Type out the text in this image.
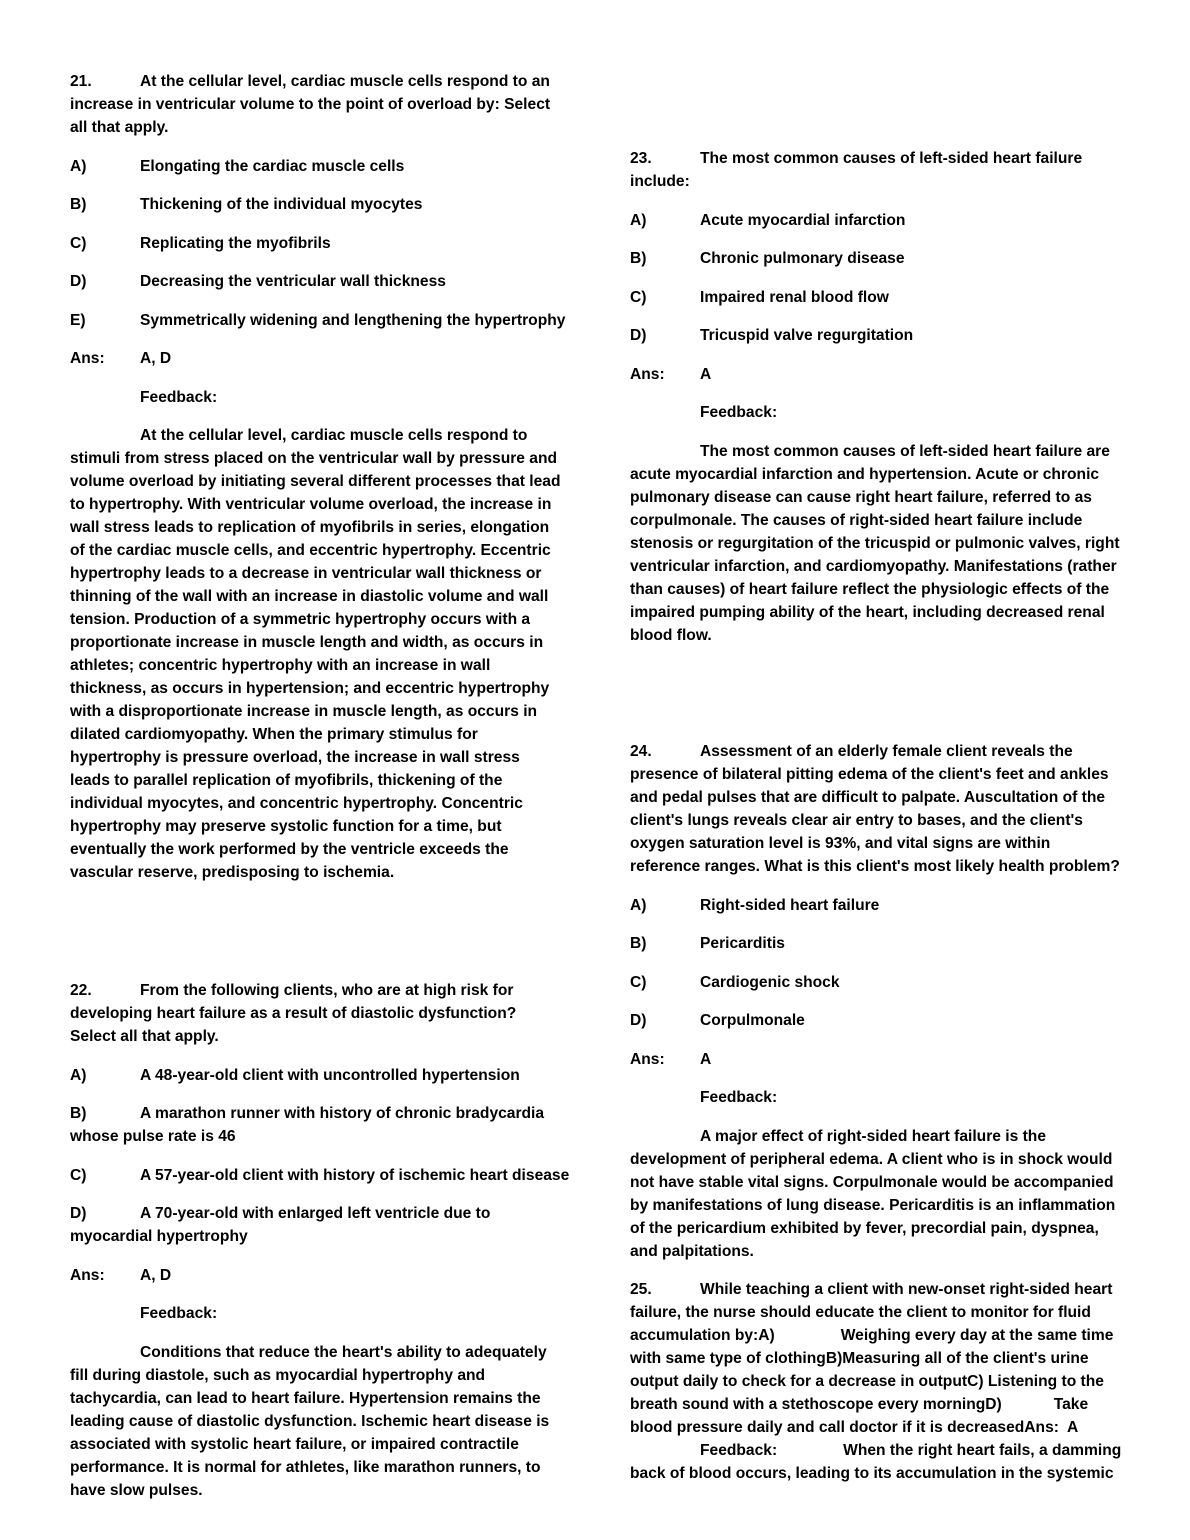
21.	At the cellular level, cardiac muscle cells respond to an increase in ventricular volume to the point of overload by: Select all that apply.

A)	Elongating the cardiac muscle cells

B)	Thickening of the individual myocytes

C)	Replicating the myofibrils

D)	Decreasing the ventricular wall thickness

E)	Symmetrically widening and lengthening the hypertrophy

Ans: A, D

Feedback:

At the cellular level, cardiac muscle cells respond to stimuli from stress placed on the ventricular wall by pressure and volume overload by initiating several different processes that lead to hypertrophy. With ventricular volume overload, the increase in wall stress leads to replication of myofibrils in series, elongation of the cardiac muscle cells, and eccentric hypertrophy. Eccentric hypertrophy leads to a decrease in ventricular wall thickness or thinning of the wall with an increase in diastolic volume and wall tension. Production of a symmetric hypertrophy occurs with a proportionate increase in muscle length and width, as occurs in athletes; concentric hypertrophy with an increase in wall thickness, as occurs in hypertension; and eccentric hypertrophy with a disproportionate increase in muscle length, as occurs in dilated cardiomyopathy. When the primary stimulus for hypertrophy is pressure overload, the increase in wall stress leads to parallel replication of myofibrils, thickening of the individual myocytes, and concentric hypertrophy. Concentric hypertrophy may preserve systolic function for a time, but eventually the work performed by the ventricle exceeds the vascular reserve, predisposing to ischemia.

22.	From the following clients, who are at high risk for developing heart failure as a result of diastolic dysfunction? Select all that apply.

A)	A 48-year-old client with uncontrolled hypertension

B)	A marathon runner with history of chronic bradycardia whose pulse rate is 46

C)	A 57-year-old client with history of ischemic heart disease

D)	A 70-year-old with enlarged left ventricle due to myocardial hypertrophy

Ans: A, D

Feedback:

Conditions that reduce the heart's ability to adequately fill during diastole, such as myocardial hypertrophy and tachycardia, can lead to heart failure. Hypertension remains the leading cause of diastolic dysfunction. Ischemic heart disease is associated with systolic heart failure, or impaired contractile performance. It is normal for athletes, like marathon runners, to have slow pulses.

23.	The most common causes of left-sided heart failure include:

A)	Acute myocardial infarction

B)	Chronic pulmonary disease

C)	Impaired renal blood flow

D)	Tricuspid valve regurgitation

Ans: A

Feedback:

The most common causes of left-sided heart failure are acute myocardial infarction and hypertension. Acute or chronic pulmonary disease can cause right heart failure, referred to as corpulmonale. The causes of right-sided heart failure include stenosis or regurgitation of the tricuspid or pulmonic valves, right ventricular infarction, and cardiomyopathy. Manifestations (rather than causes) of heart failure reflect the physiologic effects of the impaired pumping ability of the heart, including decreased renal blood flow.

24.	Assessment of an elderly female client reveals the presence of bilateral pitting edema of the client's feet and ankles and pedal pulses that are difficult to palpate. Auscultation of the client's lungs reveals clear air entry to bases, and the client's oxygen saturation level is 93%, and vital signs are within reference ranges. What is this client's most likely health problem?

A)	Right-sided heart failure

B)	Pericarditis

C)	Cardiogenic shock

D)	Corpulmonale

Ans: A

Feedback:

A major effect of right-sided heart failure is the development of peripheral edema. A client who is in shock would not have stable vital signs. Corpulmonale would be accompanied by manifestations of lung disease. Pericarditis is an inflammation of the pericardium exhibited by fever, precordial pain, dyspnea, and palpitations.

25.	While teaching a client with new-onset right-sided heart failure, the nurse should educate the client to monitor for fluid accumulation by:A)	Weighing every day at the same time with same type of clothingB)Measuring all of the client's urine output daily to check for a decrease in outputC) Listening to the breath sound with a stethoscope every morningD)	Take blood pressure daily and call doctor if it is decreasedAns: A
Feedback:	When the right heart fails, a damming back of blood occurs, leading to its accumulation in the systemic
